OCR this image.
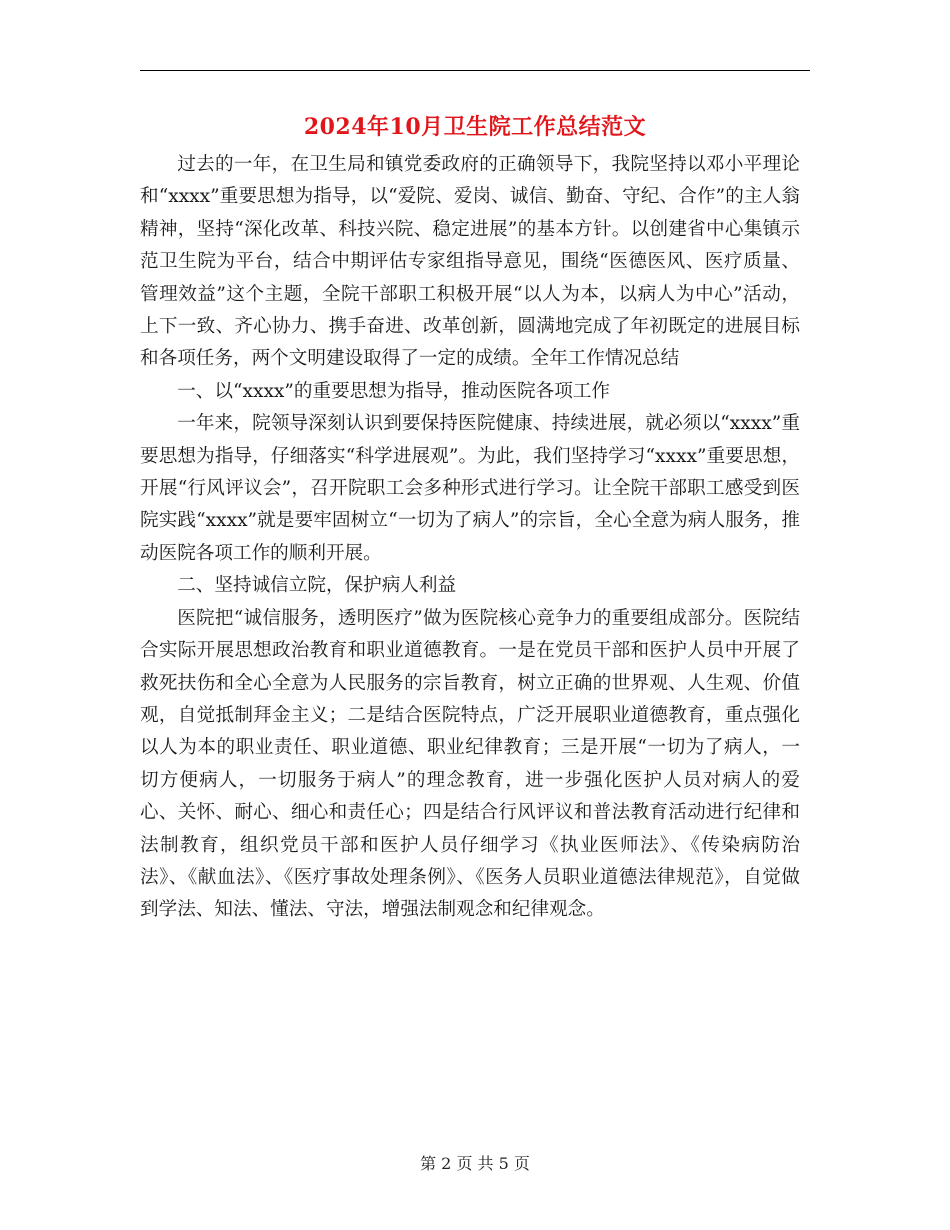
2024年10月卫生院工作总结范文

过去的一年，在卫生局和镇党委政府的正确领导下，我院坚持以邓小平理论和“xxxx”重要思想为指导，以“爱院、爱岗、诚信、勤奋、守纪、合作”的主人翁精神，坚持“深化改革、科技兴院、稳定进展”的基本方针。以创建省中心集镇示范卫生院为平台，结合中期评估专家组指导意见，围绕“医德医风、医疗质量、管理效益”这个主题，全院干部职工积极开展“以人为本，以病人为中心”活动，上下一致、齐心协力、携手奋进、改革创新，圆满地完成了年初既定的进展目标和各项任务，两个文明建设取得了一定的成绩。全年工作情况总结

一、以“xxxx”的重要思想为指导，推动医院各项工作

一年来，院领导深刻认识到要保持医院健康、持续进展，就必须以“xxxx”重要思想为指导，仔细落实“科学进展观”。为此，我们坚持学习“xxxx”重要思想，开展“行风评议会”，召开院职工会多种形式进行学习。让全院干部职工感受到医院实践“xxxx”就是要牢固树立“一切为了病人”的宗旨，全心全意为病人服务，推动医院各项工作的顺利开展。

二、坚持诚信立院，保护病人利益

医院把“诚信服务，透明医疗”做为医院核心竞争力的重要组成部分。医院结合实际开展思想政治教育和职业道德教育。一是在党员干部和医护人员中开展了救死扶伤和全心全意为人民服务的宗旨教育，树立正确的世界观、人生观、价值观，自觉抵制拜金主义；二是结合医院特点，广泛开展职业道德教育，重点强化以人为本的职业责任、职业道德、职业纪律教育；三是开展“一切为了病人，一切方便病人，一切服务于病人”的理念教育，进一步强化医护人员对病人的爱心、关怀、耐心、细心和责任心；四是结合行风评议和普法教育活动进行纪律和法制教育，组织党员干部和医护人员仔细学习《执业医师法》、《传染病防治法》、《献血法》、《医疗事故处理条例》、《医务人员职业道德法律规范》，自觉做到学法、知法、懂法、守法，增强法制观念和纪律观念。

第 2 页 共 5 页
